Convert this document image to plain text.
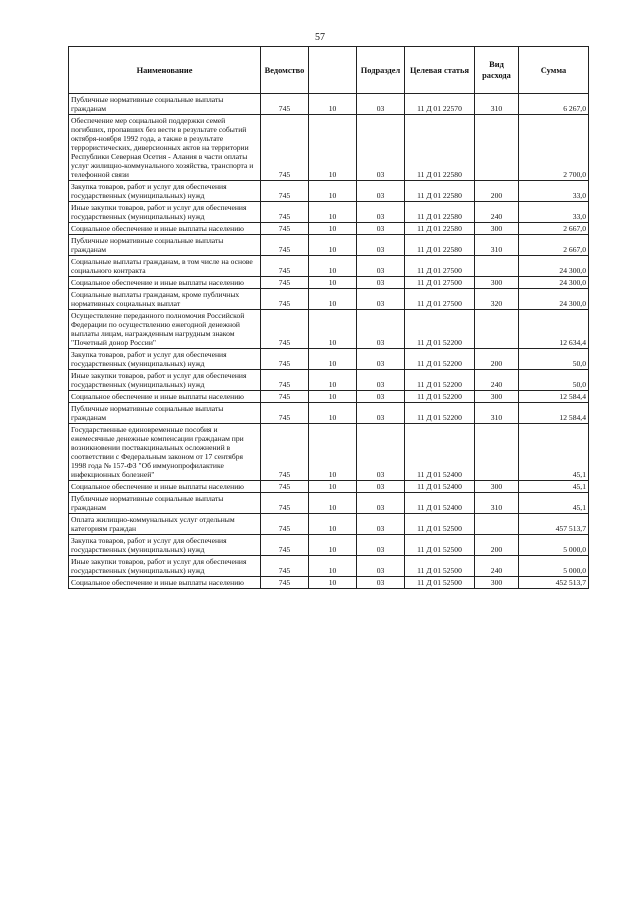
57
Наименование	Ведомство		Подраздел	Целевая статья	Вид расхода	Сумма
Публичные нормативные социальные выплаты гражданам	745	10	03	11 Д 01 22570	310	6 267,0
Обеспечение мер социальной поддержки семей погибших, пропавших без вести в результате событий октября-ноября 1992 года, а также в результате террористических, диверсионных актов на территории Республики Северная Осетия - Алания в части оплаты услуг жилищно-коммунального хозяйства, транспорта и телефонной связи	745	10	03	11 Д 01 22580		2 700,0
Закупка товаров, работ и услуг для обеспечения государственных (муниципальных) нужд	745	10	03	11 Д 01 22580	200	33,0
Иные закупки товаров, работ и услуг для обеспечения государственных (муниципальных) нужд	745	10	03	11 Д 01 22580	240	33,0
Социальное обеспечение и иные выплаты населению	745	10	03	11 Д 01 22580	300	2 667,0
Публичные нормативные социальные выплаты гражданам	745	10	03	11 Д 01 22580	310	2 667,0
Социальные выплаты гражданам, в том числе на основе социального контракта	745	10	03	11 Д 01 27500		24 300,0
Социальное обеспечение и иные выплаты населению	745	10	03	11 Д 01 27500	300	24 300,0
Социальные выплаты гражданам, кроме публичных нормативных социальных выплат	745	10	03	11 Д 01 27500	320	24 300,0
Осуществление переданного полномочия Российской Федерации по осуществлению ежегодной денежной выплаты лицам, награжденным нагрудным знаком "Почетный донор России"	745	10	03	11 Д 01 52200		12 634,4
Закупка товаров, работ и услуг для обеспечения государственных (муниципальных) нужд	745	10	03	11 Д 01 52200	200	50,0
Иные закупки товаров, работ и услуг для обеспечения государственных (муниципальных) нужд	745	10	03	11 Д 01 52200	240	50,0
Социальное обеспечение и иные выплаты населению	745	10	03	11 Д 01 52200	300	12 584,4
Публичные нормативные социальные выплаты гражданам	745	10	03	11 Д 01 52200	310	12 584,4
Государственные единовременные пособия и ежемесячные денежные компенсации гражданам при возникновении поствакцинальных осложнений в соответствии с Федеральным законом от 17 сентября 1998 года № 157-ФЗ "Об иммунопрофилактике инфекционных болезней"	745	10	03	11 Д 01 52400		45,1
Социальное обеспечение и иные выплаты населению	745	10	03	11 Д 01 52400	300	45,1
Публичные нормативные социальные выплаты гражданам	745	10	03	11 Д 01 52400	310	45,1
Оплата жилищно-коммунальных услуг отдельным категориям граждан	745	10	03	11 Д 01 52500		457 513,7
Закупка товаров, работ и услуг для обеспечения государственных (муниципальных) нужд	745	10	03	11 Д 01 52500	200	5 000,0
Иные закупки товаров, работ и услуг для обеспечения государственных (муниципальных) нужд	745	10	03	11 Д 01 52500	240	5 000,0
Социальное обеспечение и иные выплаты населению	745	10	03	11 Д 01 52500	300	452 513,7
